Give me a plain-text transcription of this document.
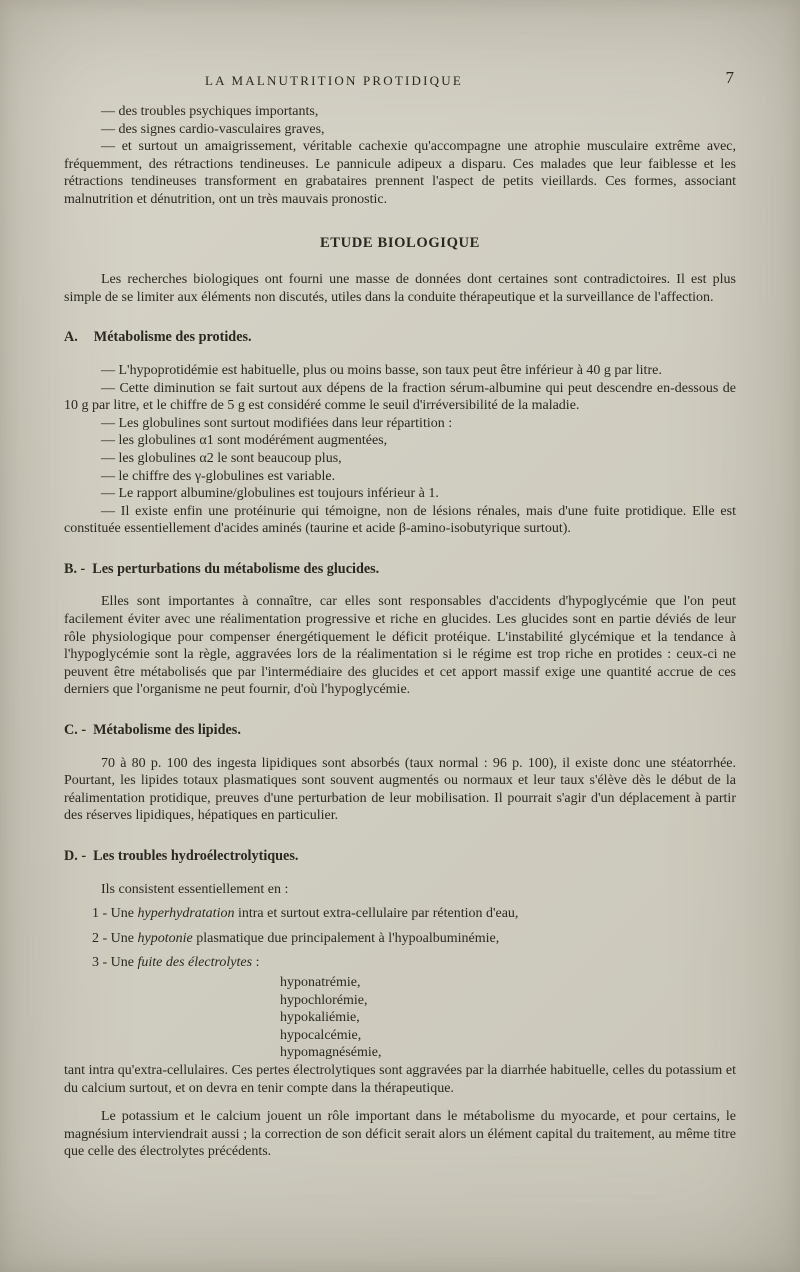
LA MALNUTRITION PROTIDIQUE	7

— des troubles psychiques importants,

— des signes cardio-vasculaires graves,

— et surtout un amaigrissement, véritable cachexie qu'accompagne une atrophie musculaire extrême avec, fréquemment, des rétractions tendineuses. Le pannicule adipeux a disparu. Ces malades que leur faiblesse et les rétractions tendineuses transforment en grabataires prennent l'aspect de petits vieillards. Ces formes, associant malnutrition et dénutrition, ont un très mauvais pronostic.

ETUDE BIOLOGIQUE

Les recherches biologiques ont fourni une masse de données dont certaines sont contradictoires. Il est plus simple de se limiter aux éléments non discutés, utiles dans la conduite thérapeutique et la surveillance de l'affection.

A. Métabolisme des protides.

— L'hypoprotidémie est habituelle, plus ou moins basse, son taux peut être inférieur à 40 g par litre.

— Cette diminution se fait surtout aux dépens de la fraction sérum-albumine qui peut descendre en-dessous de 10 g par litre, et le chiffre de 5 g est considéré comme le seuil d'irréversibilité de la maladie.

— Les globulines sont surtout modifiées dans leur répartition :

— les globulines α1 sont modérément augmentées,

— les globulines α2 le sont beaucoup plus,

— le chiffre des γ-globulines est variable.

— Le rapport albumine/globulines est toujours inférieur à 1.

— Il existe enfin une protéinurie qui témoigne, non de lésions rénales, mais d'une fuite protidique. Elle est constituée essentiellement d'acides aminés (taurine et acide β-amino-isobutyrique surtout).

B. - Les perturbations du métabolisme des glucides.

Elles sont importantes à connaître, car elles sont responsables d'accidents d'hypoglycémie que l'on peut facilement éviter avec une réalimentation progressive et riche en glucides. Les glucides sont en partie déviés de leur rôle physiologique pour compenser énergétiquement le déficit protéique. L'instabilité glycémique et la tendance à l'hypoglycémie sont la règle, aggravées lors de la réalimentation si le régime est trop riche en protides : ceux-ci ne peuvent être métabolisés que par l'intermédiaire des glucides et cet apport massif exige une quantité accrue de ces derniers que l'organisme ne peut fournir, d'où l'hypoglycémie.

C. - Métabolisme des lipides.

70 à 80 p. 100 des ingesta lipidiques sont absorbés (taux normal : 96 p. 100), il existe donc une stéatorrhée. Pourtant, les lipides totaux plasmatiques sont souvent augmentés ou normaux et leur taux s'élève dès le début de la réalimentation protidique, preuves d'une perturbation de leur mobilisation. Il pourrait s'agir d'un déplacement à partir des réserves lipidiques, hépatiques en particulier.

D. - Les troubles hydroélectrolytiques.

Ils consistent essentiellement en :

1 - Une hyperhydratation intra et surtout extra-cellulaire par rétention d'eau,

2 - Une hypotonie plasmatique due principalement à l'hypoalbuminémie,

3 - Une fuite des électrolytes :

hyponatrémie,

hypochlorémie,

hypokaliémie,

hypocalcémie,

hypomagnésémie,

tant intra qu'extra-cellulaires. Ces pertes électrolytiques sont aggravées par la diarrhée habituelle, celles du potassium et du calcium surtout, et on devra en tenir compte dans la thérapeutique.

Le potassium et le calcium jouent un rôle important dans le métabolisme du myocarde, et pour certains, le magnésium interviendrait aussi ; la correction de son déficit serait alors un élément capital du traitement, au même titre que celle des électrolytes précédents.
